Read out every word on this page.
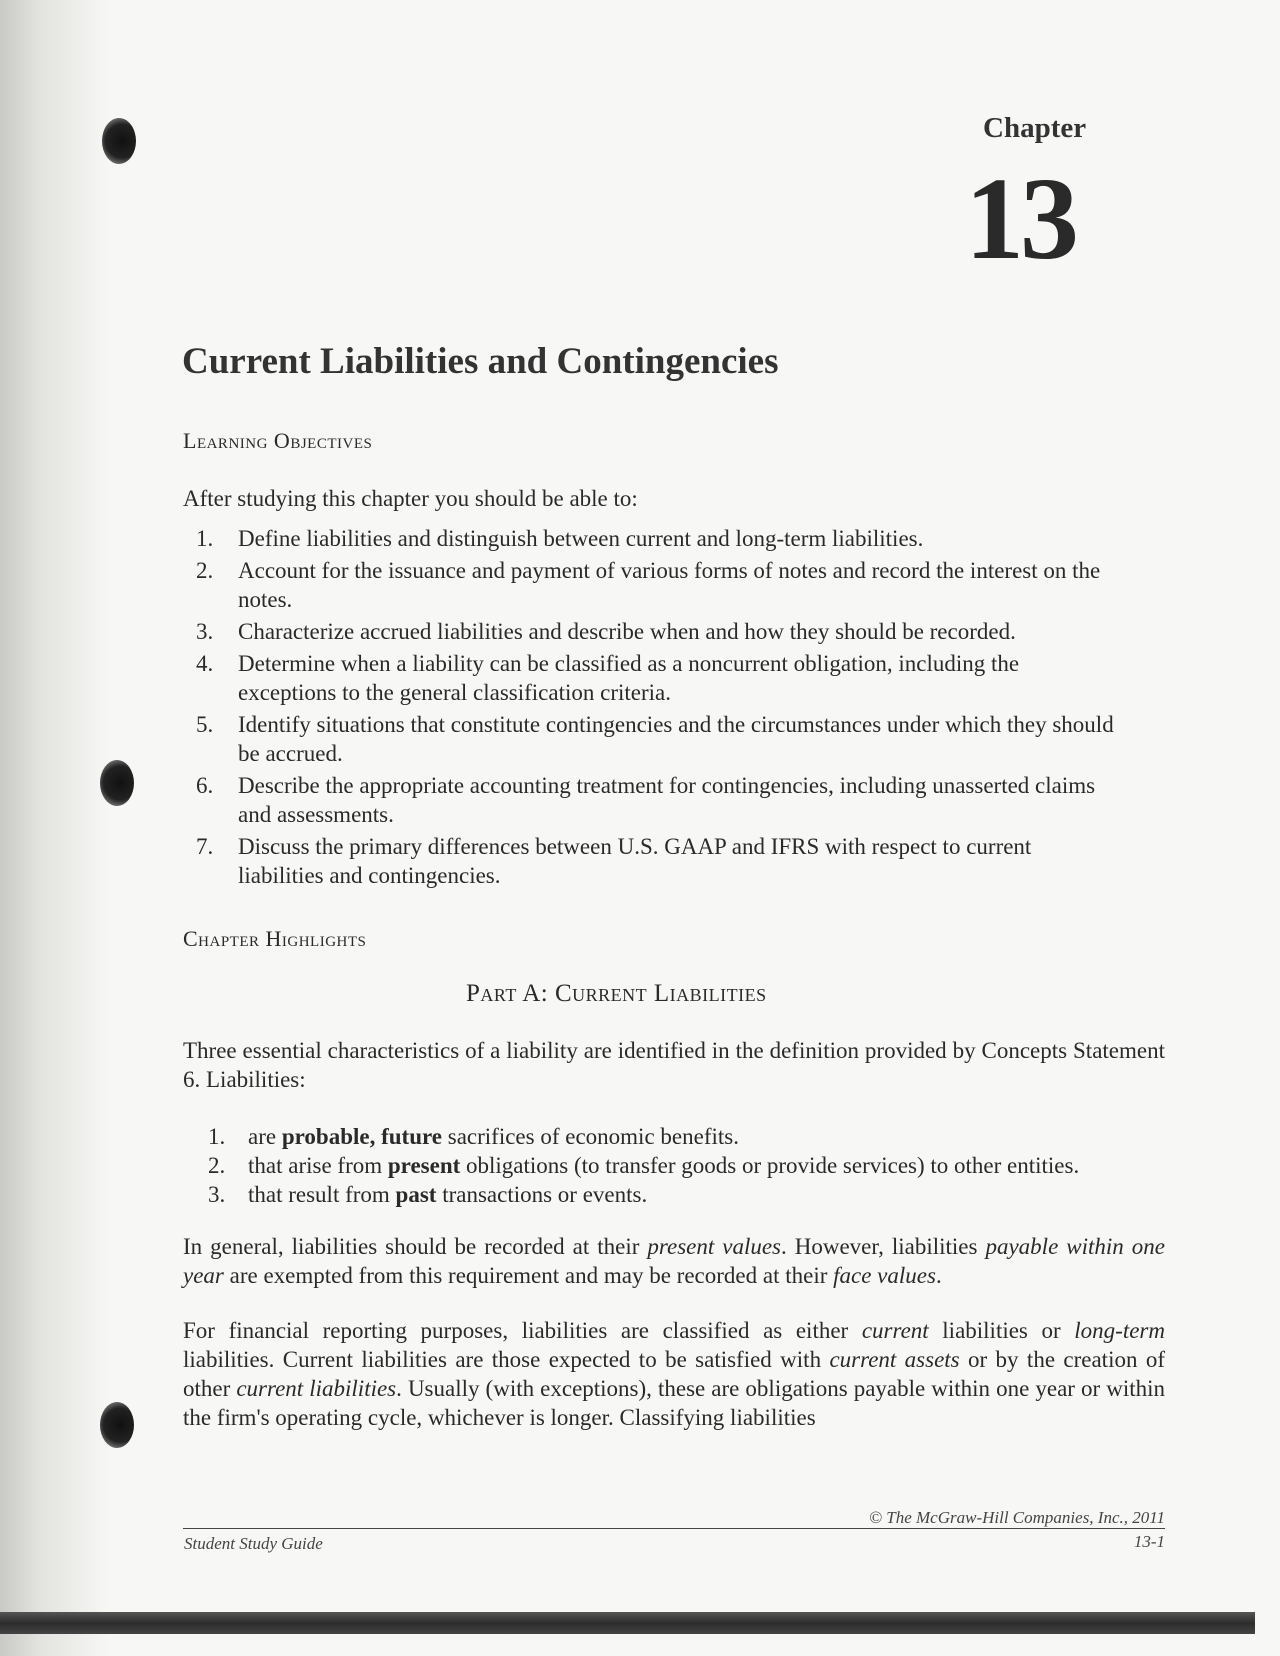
Chapter
13
Current Liabilities and Contingencies
Learning Objectives

After studying this chapter you should be able to:

1.	Define liabilities and distinguish between current and long-term liabilities.
2.	Account for the issuance and payment of various forms of notes and record the interest on the notes.
3.	Characterize accrued liabilities and describe when and how they should be recorded.
4.	Determine when a liability can be classified as a noncurrent obligation, including the exceptions to the general classification criteria.
5.	Identify situations that constitute contingencies and the circumstances under which they should be accrued.
6.	Describe the appropriate accounting treatment for contingencies, including unasserted claims and assessments.
7.	Discuss the primary differences between U.S. GAAP and IFRS with respect to current liabilities and contingencies.
Chapter Highlights
Part A: Current Liabilities

Three essential characteristics of a liability are identified in the definition provided by Concepts Statement 6. Liabilities:

1. are probable, future sacrifices of economic benefits.
2. that arise from present obligations (to transfer goods or provide services) to other entities.
3. that result from past transactions or events.

In general, liabilities should be recorded at their present values. However, liabilities payable within one year are exempted from this requirement and may be recorded at their face values.

For financial reporting purposes, liabilities are classified as either current liabilities or long-term liabilities. Current liabilities are those expected to be satisfied with current assets or by the creation of other current liabilities. Usually (with exceptions), these are obligations payable within one year or within the firm's operating cycle, whichever is longer. Classifying liabilities

© The McGraw-Hill Companies, Inc., 2011
Student Study Guide	13-1
